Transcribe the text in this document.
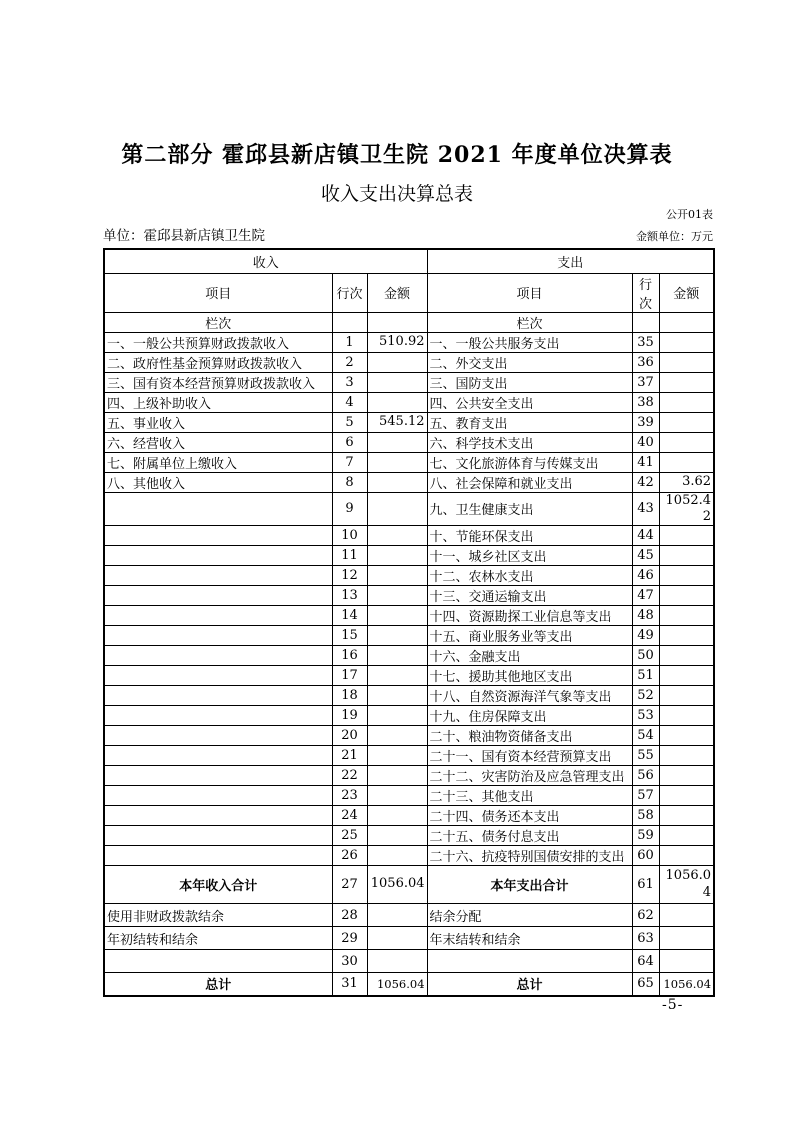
第二部分 霍邱县新店镇卫生院 2021 年度单位决算表
收入支出决算总表
公开01表
单位：霍邱县新店镇卫生院	金额单位：万元
收入			支出		
项目	行次	金额	项目	行次	金额
栏次			栏次		
一、一般公共预算财政拨款收入	1	510.92	一、一般公共服务支出	35	
二、政府性基金预算财政拨款收入	2		二、外交支出	36	
三、国有资本经营预算财政拨款收入	3		三、国防支出	37	
四、上级补助收入	4		四、公共安全支出	38	
五、事业收入	5	545.12	五、教育支出	39	
六、经营收入	6		六、科学技术支出	40	
七、附属单位上缴收入	7		七、文化旅游体育与传媒支出	41	
八、其他收入	8		八、社会保障和就业支出	42	3.62
	9		九、卫生健康支出	43	1052.42
	10		十、节能环保支出	44	
	11		十一、城乡社区支出	45	
	12		十二、农林水支出	46	
	13		十三、交通运输支出	47	
	14		十四、资源勘探工业信息等支出	48	
	15		十五、商业服务业等支出	49	
	16		十六、金融支出	50	
	17		十七、援助其他地区支出	51	
	18		十八、自然资源海洋气象等支出	52	
	19		十九、住房保障支出	53	
	20		二十、粮油物资储备支出	54	
	21		二十一、国有资本经营预算支出	55	
	22		二十二、灾害防治及应急管理支出	56	
	23		二十三、其他支出	57	
	24		二十四、债务还本支出	58	
	25		二十五、债务付息支出	59	
	26		二十六、抗疫特别国债安排的支出	60	
本年收入合计	27	1056.04	本年支出合计	61	1056.04
使用非财政拨款结余	28		结余分配	62	
年初结转和结余	29		年末结转和结余	63	
	30			64	
总计	31	1056.04	总计	65	1056.04
-5-
